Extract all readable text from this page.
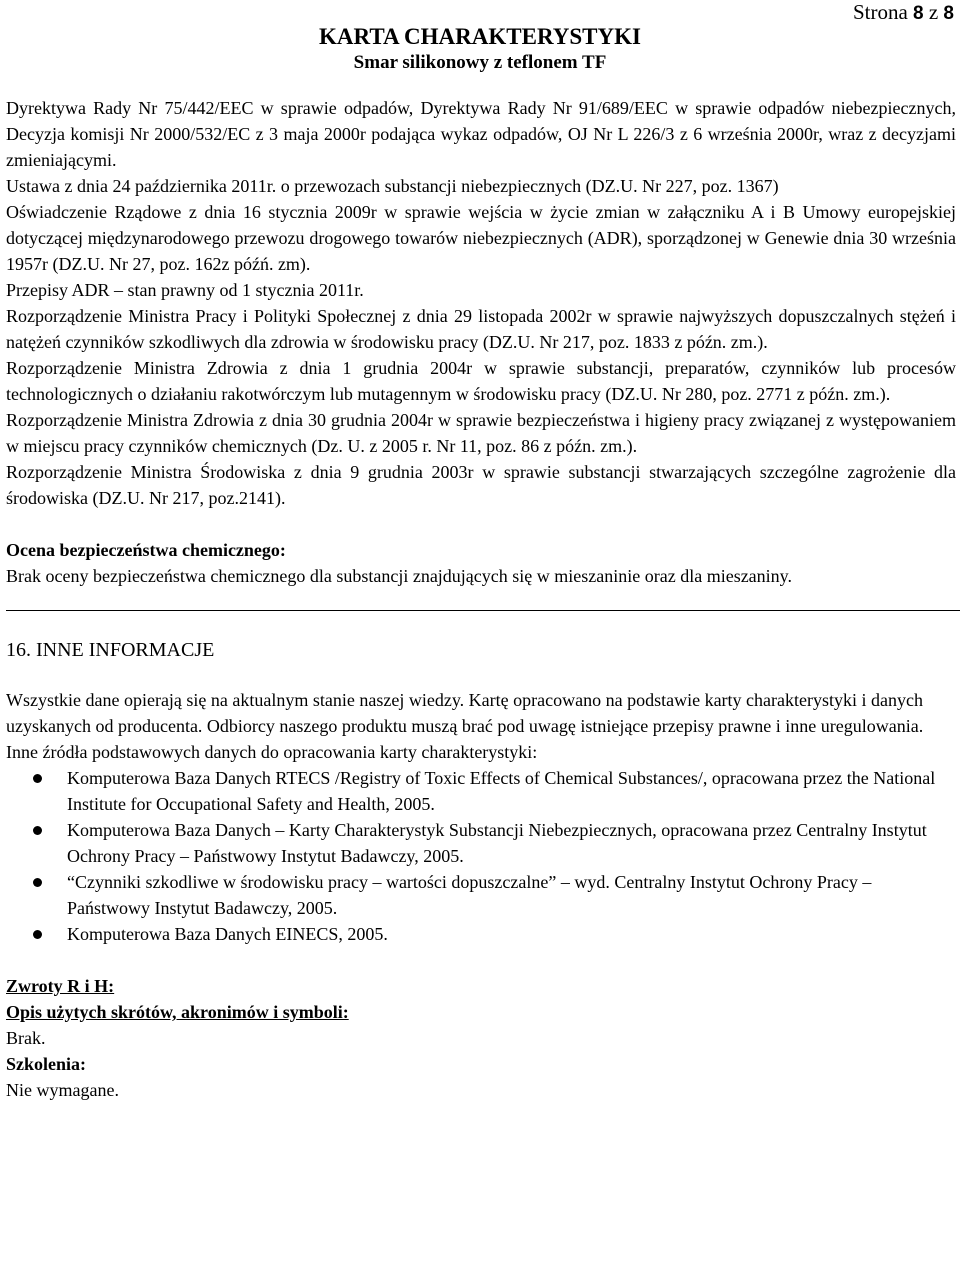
Strona 8 z 8
KARTA CHARAKTERYSTYKI
Smar silikonowy z teflonem TF

Dyrektywa Rady Nr 75/442/EEC w sprawie odpadów, Dyrektywa Rady Nr 91/689/EEC w sprawie odpadów niebezpiecznych, Decyzja komisji Nr 2000/532/EC z 3 maja 2000r podająca wykaz odpadów, OJ Nr L 226/3 z 6 września 2000r, wraz z decyzjami zmieniającymi.

Ustawa z dnia 24 października 2011r. o przewozach substancji niebezpiecznych (DZ.U. Nr 227, poz. 1367)

Oświadczenie Rządowe z dnia 16 stycznia 2009r w sprawie wejścia w życie zmian w załączniku A i B Umowy europejskiej dotyczącej międzynarodowego przewozu drogowego towarów niebezpiecznych (ADR), sporządzonej w Genewie dnia 30 września 1957r (DZ.U. Nr 27, poz. 162z późń. zm).

Przepisy ADR – stan prawny od 1 stycznia 2011r.

Rozporządzenie Ministra Pracy i Polityki Społecznej z dnia 29 listopada 2002r w sprawie najwyższych dopuszczalnych stężeń i natężeń czynników szkodliwych dla zdrowia w środowisku pracy (DZ.U. Nr 217, poz. 1833 z późn. zm.).

Rozporządzenie Ministra Zdrowia z dnia 1 grudnia 2004r w sprawie substancji, preparatów, czynników lub procesów technologicznych o działaniu rakotwórczym lub mutagennym w środowisku pracy (DZ.U. Nr 280, poz. 2771 z późn. zm.).

Rozporządzenie Ministra Zdrowia z dnia 30 grudnia 2004r w sprawie bezpieczeństwa i higieny pracy związanej z występowaniem w miejscu pracy czynników chemicznych (Dz. U. z 2005 r. Nr 11, poz. 86 z późn. zm.).

Rozporządzenie Ministra Środowiska z dnia 9 grudnia 2003r w sprawie substancji stwarzających szczególne zagrożenie dla środowiska (DZ.U. Nr 217, poz.2141).

Ocena bezpieczeństwa chemicznego:

Brak oceny bezpieczeństwa chemicznego dla substancji znajdujących się w mieszaninie oraz dla mieszaniny.

16. INNE INFORMACJE

Wszystkie dane opierają się na aktualnym stanie naszej wiedzy. Kartę opracowano na podstawie karty charakterystyki i danych uzyskanych od producenta. Odbiorcy naszego produktu muszą brać pod uwagę istniejące przepisy prawne i inne uregulowania.

Inne źródła podstawowych danych do opracowania karty charakterystyki:

Komputerowa Baza Danych RTECS /Registry of Toxic Effects of Chemical Substances/, opracowana przez the National Institute for Occupational Safety and Health, 2005.
Komputerowa Baza Danych – Karty Charakterystyk Substancji Niebezpiecznych, opracowana przez Centralny Instytut Ochrony Pracy – Państwowy Instytut Badawczy, 2005.
“Czynniki szkodliwe w środowisku pracy – wartości dopuszczalne” – wyd. Centralny Instytut Ochrony Pracy – Państwowy Instytut Badawczy, 2005.
Komputerowa Baza Danych EINECS, 2005.

Zwroty R i H:

Opis użytych skrótów, akronimów i symboli:

Brak.

Szkolenia:

Nie wymagane.
